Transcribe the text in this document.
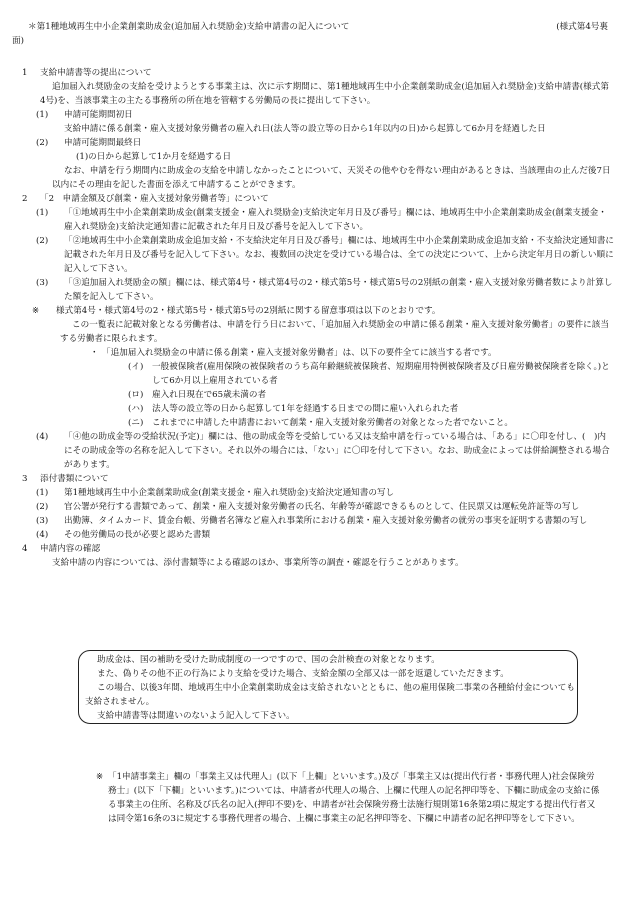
＊第1種地域再生中小企業創業助成金(追加届入れ奨励金)支給申請書の記入について	(様式第4号裏
面)
1 支給申請書等の提出について
追加届入れ奨励金の支給を受けようとする事業主は、次に示す期間に、第1種地域再生中小企業創業助成金(追加届入れ奨励金)支給申請書(様式第4号)を、当該事業主の主たる事務所の所在地を管轄する労働局の長に提出して下さい。
(1) 申請可能期間初日
支給申請に係る創業・雇入支援対象労働者の雇入れ日(法人等の設立等の日から1年以内の日)から起算して6か月を経過した日
(2) 申請可能期間最終日
(1)の日から起算して1か月を経過する日
なお、申請を行う期間内に助成金の支給を申請しなかったことについて、天災その他やむを得ない理由があるときは、当該理由の止んだ後7日以内にその理由を記した書面を添えて申請することができます。
2 「2　申請金額及び創業・雇入支援対象労働者等」について
(1) 「①地域再生中小企業創業助成金(創業支援金・雇入れ奨励金)支給決定年月日及び番号」欄には、地域再生中小企業創業助成金(創業支援金・雇入れ奨励金)支給決定通知書に記載された年月日及び番号を記入して下さい。
(2) 「②地域再生中小企業創業助成金追加支給・不支給決定年月日及び番号」欄には、地域再生中小企業創業助成金追加支給・不支給決定通知書に記載された年月日及び番号を記入して下さい。なお、複数回の決定を受けている場合は、全ての決定について、上から決定年月日の新しい順に記入して下さい。
(3) 「③追加届入れ奨励金の額」欄には、様式第4号・様式第4号の2・様式第5号・様式第5号の2別紙の創業・雇入支援対象労働者数により計算した額を記入して下さい。
※ 様式第4号・様式第4号の2・様式第5号・様式第5号の2別紙に関する留意事項は以下のとおりです。
この一覧表に記載対象となる労働者は、申請を行う日において、「追加届入れ奨励金の申請に係る創業・雇入支援対象労働者」の要件に該当する労働者に限られます。
・ 「追加届入れ奨励金の申請に係る創業・雇入支援対象労働者」は、以下の要件全てに該当する者です。
(イ) 一般被保険者(雇用保険の被保険者のうち高年齢継続被保険者、短期雇用特例被保険者及び日雇労働被保険者を除く。)として6か月以上雇用されている者
(ロ) 雇入れ日現在で65歳未満の者
(ハ) 法人等の設立等の日から起算して1年を経過する日までの間に雇い入れられた者
(ニ) これまでに申請した申請書において創業・雇入支援対象労働者の対象となった者でないこと。
(4) 「④他の助成金等の受給状況(予定)」欄には、他の助成金等を受給している又は支給申請を行っている場合は、「ある」に〇印を付し、(　)内にその助成金等の名称を記入して下さい。それ以外の場合には、「ない」に〇印を付して下さい。なお、助成金によっては併給調整される場合があります。
3 添付書類について
(1) 第1種地域再生中小企業創業助成金(創業支援金・雇入れ奨励金)支給決定通知書の写し
(2) 官公署が発行する書類であって、創業・雇入支援対象労働者の氏名、年齢等が確認できるものとして、住民票又は運転免許証等の写し
(3) 出勤簿、タイムカード、賃金台帳、労働者名簿など雇入れ事業所における創業・雇入支援対象労働者の就労の事実を証明する書類の写し
(4) その他労働局の長が必要と認めた書類
4 申請内容の確認
支給申請の内容については、添付書類等による確認のほか、事業所等の調査・確認を行うことがあります。

助成金は、国の補助を受けた助成制度の一つですので、国の会計検査の対象となります。

また、偽りその他不正の行為により支給を受けた場合、支給金額の全部又は一部を返還していただきます。

この場合、以後3年間、地域再生中小企業創業助成金は支給されないとともに、他の雇用保険二事業の各種給付金についても支給されません。

支給申請書等は間違いのないよう記入して下さい。

※ 「1申請事業主」欄の「事業主又は代理人」(以下「上欄」といいます。)及び「事業主又は(提出代行者・事務代理人)社会保険労務士」(以下「下欄」といいます。)については、申請者が代理人の場合、上欄に代理人の記名押印等を、下欄に助成金の支給に係る事業主の住所、名称及び氏名の記入(押印不要)を、申請者が社会保険労務士法施行規則第16条第2項に規定する提出代行者又は同令第16条の3に規定する事務代理者の場合、上欄に事業主の記名押印等を、下欄に申請者の記名押印等をして下さい。
